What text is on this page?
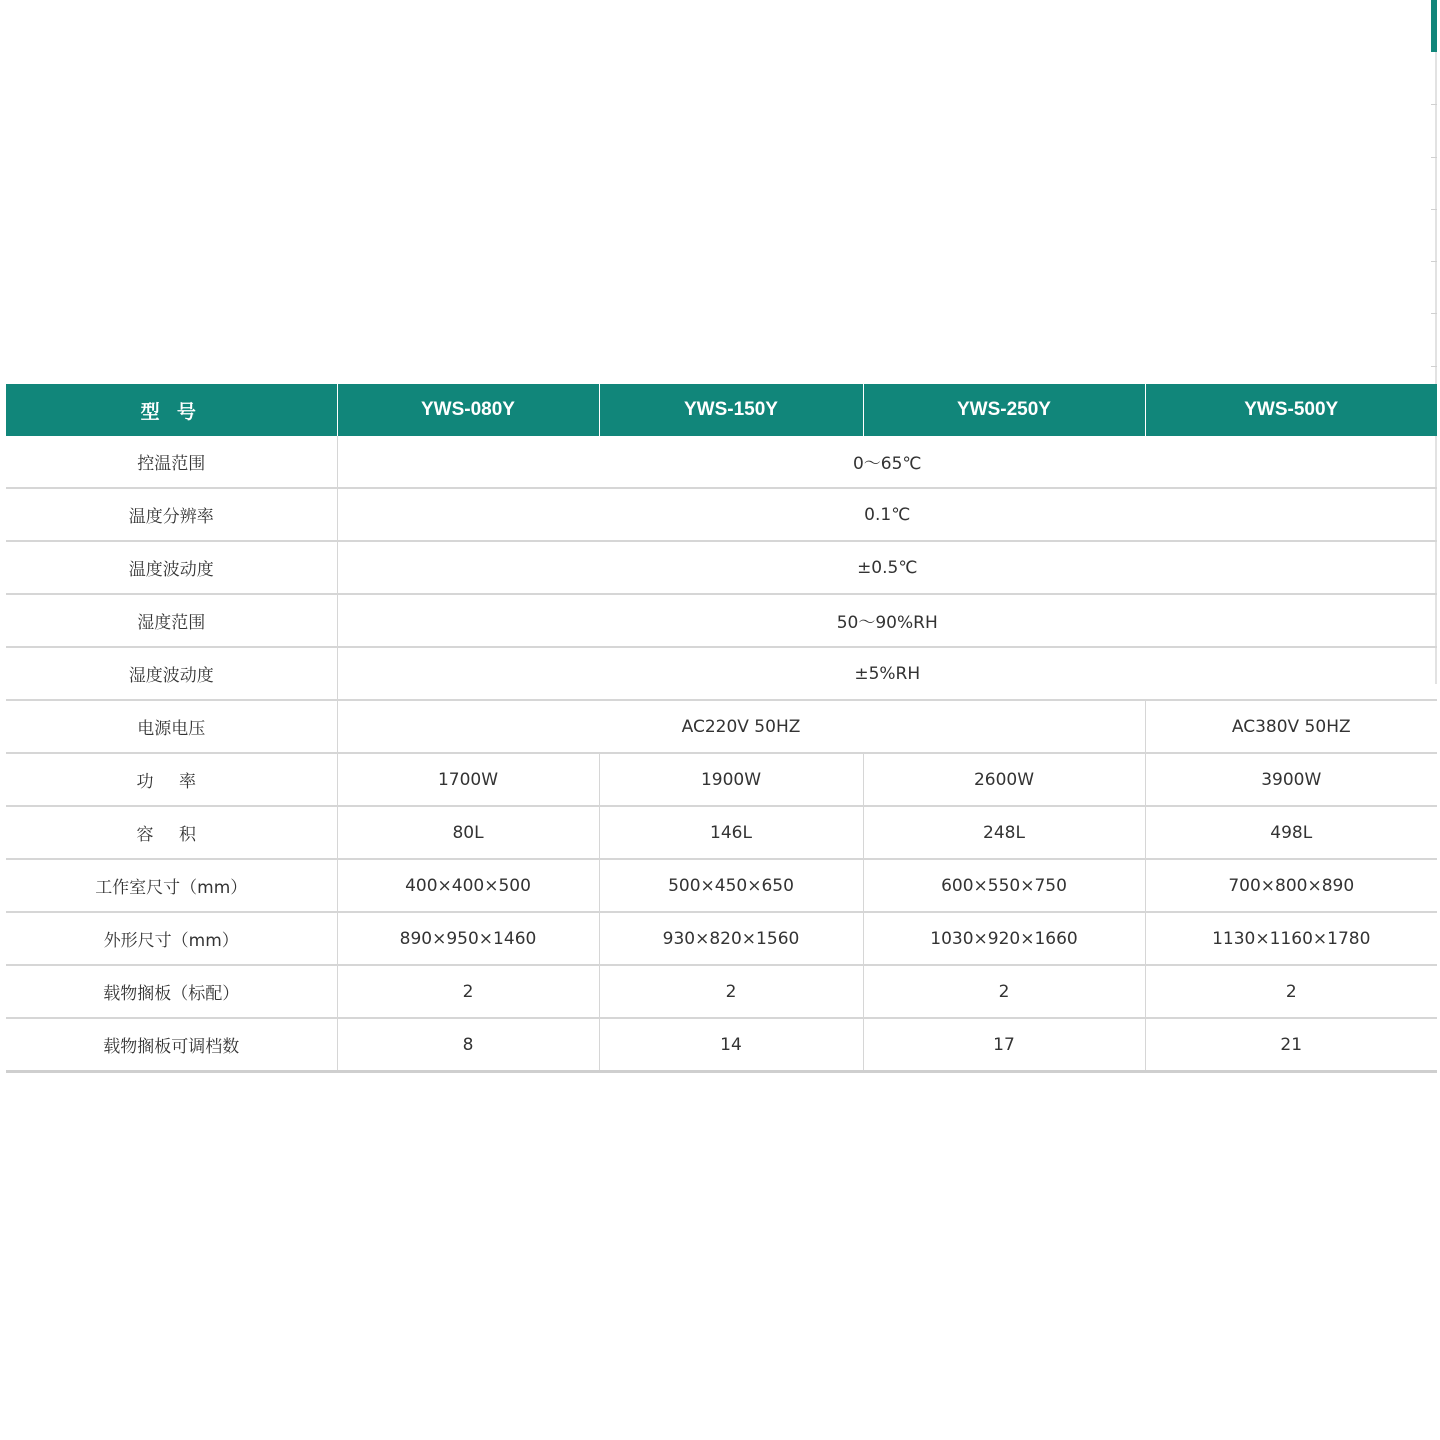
型 号	YWS-080Y	YWS-150Y	YWS-250Y	YWS-500Y
控温范围	0～65℃			
温度分辨率	0.1℃			
温度波动度	±0.5℃			
湿度范围	50～90%RH			
湿度波动度	±5%RH			
电源电压	AC220V 50HZ			AC380V 50HZ
功 率	1700W	1900W	2600W	3900W
容 积	80L	146L	248L	498L
工作室尺寸（mm）	400×400×500	500×450×650	600×550×750	700×800×890
外形尺寸（mm）	890×950×1460	930×820×1560	1030×920×1660	1130×1160×1780
载物搁板（标配）	2	2	2	2
载物搁板可调档数	8	14	17	21
